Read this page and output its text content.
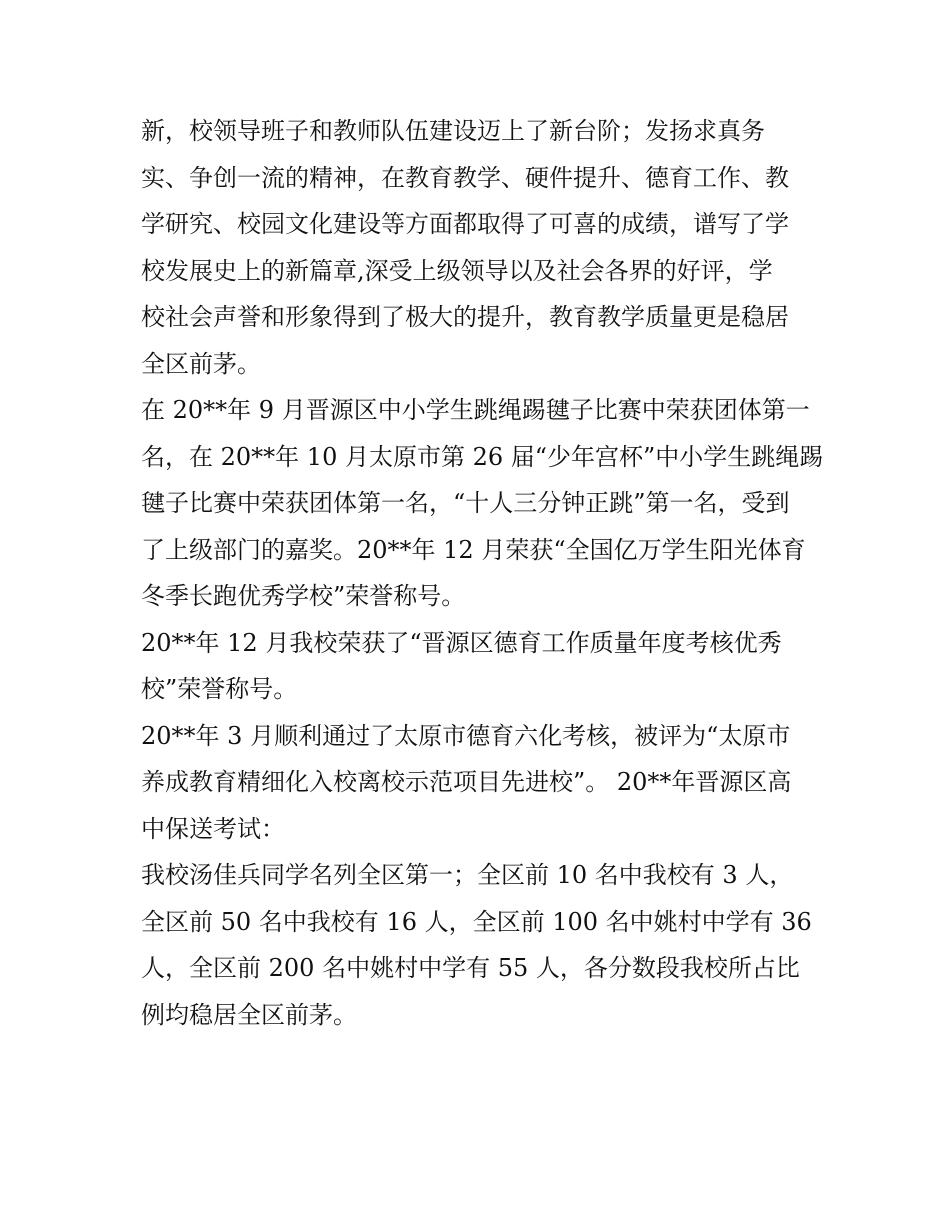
新，校领导班子和教师队伍建设迈上了新台阶；发扬求真务
实、争创一流的精神，在教育教学、硬件提升、德育工作、教
学研究、校园文化建设等方面都取得了可喜的成绩，谱写了学
校发展史上的新篇章,深受上级领导以及社会各界的好评，学
校社会声誉和形象得到了极大的提升，教育教学质量更是稳居
全区前茅。
在 20**年 9 月晋源区中小学生跳绳踢毽子比赛中荣获团体第一
名，在 20**年 10 月太原市第 26 届“少年宫杯”中小学生跳绳踢
毽子比赛中荣获团体第一名，“十人三分钟正跳”第一名，受到
了上级部门的嘉奖。20**年 12 月荣获“全国亿万学生阳光体育
冬季长跑优秀学校”荣誉称号。
20**年 12 月我校荣获了“晋源区德育工作质量年度考核优秀
校”荣誉称号。
20**年 3 月顺利通过了太原市德育六化考核，被评为“太原市
养成教育精细化入校离校示范项目先进校”。 20**年晋源区高
中保送考试：
我校汤佳兵同学名列全区第一；全区前 10 名中我校有 3 人，
全区前 50 名中我校有 16 人，全区前 100 名中姚村中学有 36
人，全区前 200 名中姚村中学有 55 人，各分数段我校所占比
例均稳居全区前茅。
